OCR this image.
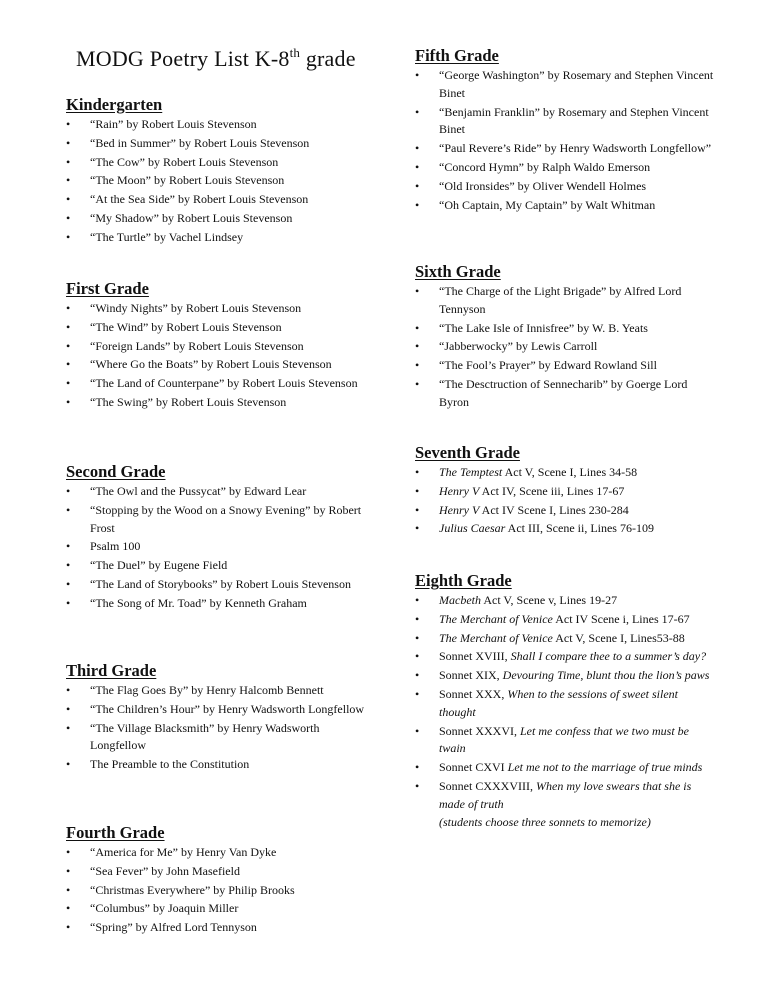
MODG Poetry List K-8th grade
Kindergarten
• “Rain” by Robert Louis Stevenson
• “Bed in Summer” by Robert Louis Stevenson
• “The Cow” by Robert Louis Stevenson
• “The Moon” by Robert Louis Stevenson
• “At the Sea Side” by Robert Louis Stevenson
• “My Shadow” by Robert Louis Stevenson
• “The Turtle” by Vachel Lindsey
First Grade
• “Windy Nights” by Robert Louis Stevenson
• “The Wind” by Robert Louis Stevenson
• “Foreign Lands” by Robert Louis Stevenson
• “Where Go the Boats” by Robert Louis Stevenson
• “The Land of Counterpane” by Robert Louis Stevenson
• “The Swing” by Robert Louis Stevenson
Second Grade
• “The Owl and the Pussycat” by Edward Lear
• “Stopping by the Wood on a Snowy Evening” by Robert Frost
• Psalm 100
• “The Duel” by Eugene Field
• “The Land of Storybooks” by Robert Louis Stevenson
• “The Song of Mr. Toad” by Kenneth Graham
Third Grade
• “The Flag Goes By” by Henry Halcomb Bennett
• “The Children’s Hour” by Henry Wadsworth Longfellow
• “The Village Blacksmith” by Henry Wadsworth Longfellow
• The Preamble to the Constitution
Fourth Grade
• “America for Me” by Henry Van Dyke
• “Sea Fever” by John Masefield
• “Christmas Everywhere” by Philip Brooks
• “Columbus” by Joaquin Miller
• “Spring” by Alfred Lord Tennyson
Fifth Grade
• “George Washington” by Rosemary and Stephen Vincent Binet
• “Benjamin Franklin” by Rosemary and Stephen Vincent Binet
• “Paul Revere’s Ride” by Henry Wadsworth Longfellow”
• “Concord Hymn” by Ralph Waldo Emerson
• “Old Ironsides” by Oliver Wendell Holmes
• “Oh Captain, My Captain” by Walt Whitman
Sixth Grade
• “The Charge of the Light Brigade” by Alfred Lord Tennyson
• “The Lake Isle of Innisfree” by W. B. Yeats
• “Jabberwocky” by Lewis Carroll
• “The Fool’s Prayer” by Edward Rowland Sill
• “The Desctruction of Sennecharib” by Goerge Lord Byron
Seventh Grade
• The Temptest Act V, Scene I, Lines 34-58
• Henry V Act IV, Scene iii, Lines 17-67
• Henry V Act IV Scene I, Lines 230-284
• Julius Caesar Act III, Scene ii, Lines 76-109
Eighth Grade
• Macbeth Act V, Scene v, Lines 19-27
• The Merchant of Venice Act IV Scene i, Lines 17-67
• The Merchant of Venice Act V, Scene I, Lines53-88
• Sonnet XVIII, Shall I compare thee to a summer’s day?
• Sonnet XIX, Devouring Time, blunt thou the lion’s paws
• Sonnet XXX, When to the sessions of sweet silent thought
• Sonnet XXXVI, Let me confess that we two must be twain
• Sonnet CXVI Let me not to the marriage of true minds
• Sonnet CXXXVIII, When my love swears that she is made of truth
(students choose three sonnets to memorize)
